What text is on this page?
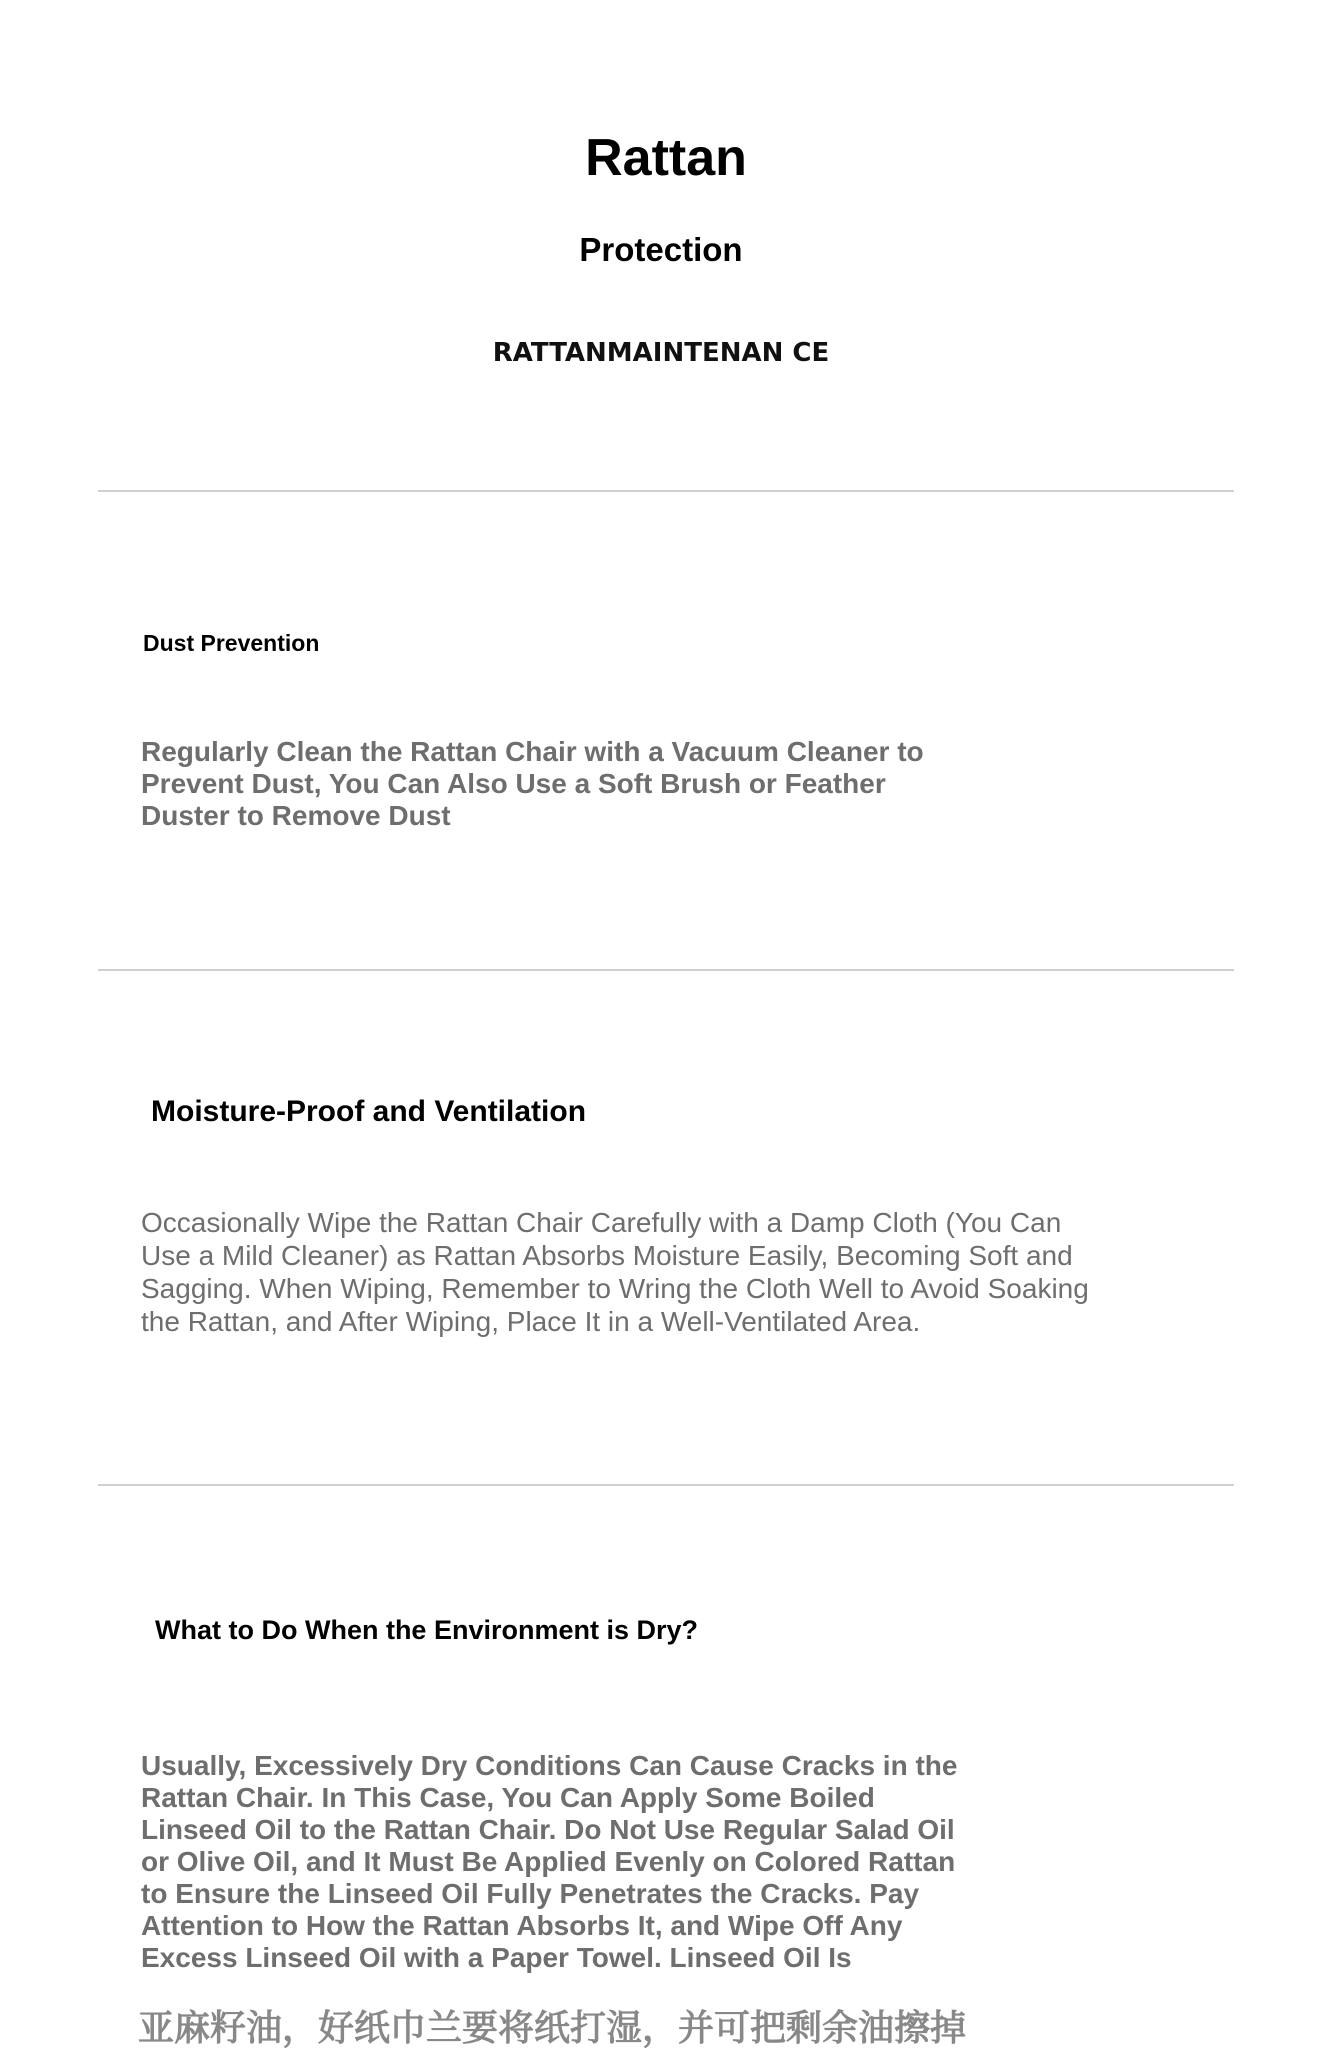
Rattan
Protection
RATTANMAINTENAN CE
Dust Prevention
Regularly Clean the Rattan Chair with a Vacuum Cleaner to Prevent Dust, You Can Also Use a Soft Brush or Feather Duster to Remove Dust
Moisture-Proof and Ventilation
Occasionally Wipe the Rattan Chair Carefully with a Damp Cloth (You Can Use a Mild Cleaner) as Rattan Absorbs Moisture Easily, Becoming Soft and Sagging. When Wiping, Remember to Wring the Cloth Well to Avoid Soaking the Rattan, and After Wiping, Place It in a Well-Ventilated Area.
What to Do When the Environment is Dry?
Usually, Excessively Dry Conditions Can Cause Cracks in the Rattan Chair. In This Case, You Can Apply Some Boiled Linseed Oil to the Rattan Chair. Do Not Use Regular Salad Oil or Olive Oil, and It Must Be Applied Evenly on Colored Rattan to Ensure the Linseed Oil Fully Penetrates the Cracks. Pay Attention to How the Rattan Absorbs It, and Wipe Off Any Excess Linseed Oil with a Paper Towel. Linseed Oil Is
亚麻籽油，好纸巾兰要将纸打湿，并可把剩余油擦掉
